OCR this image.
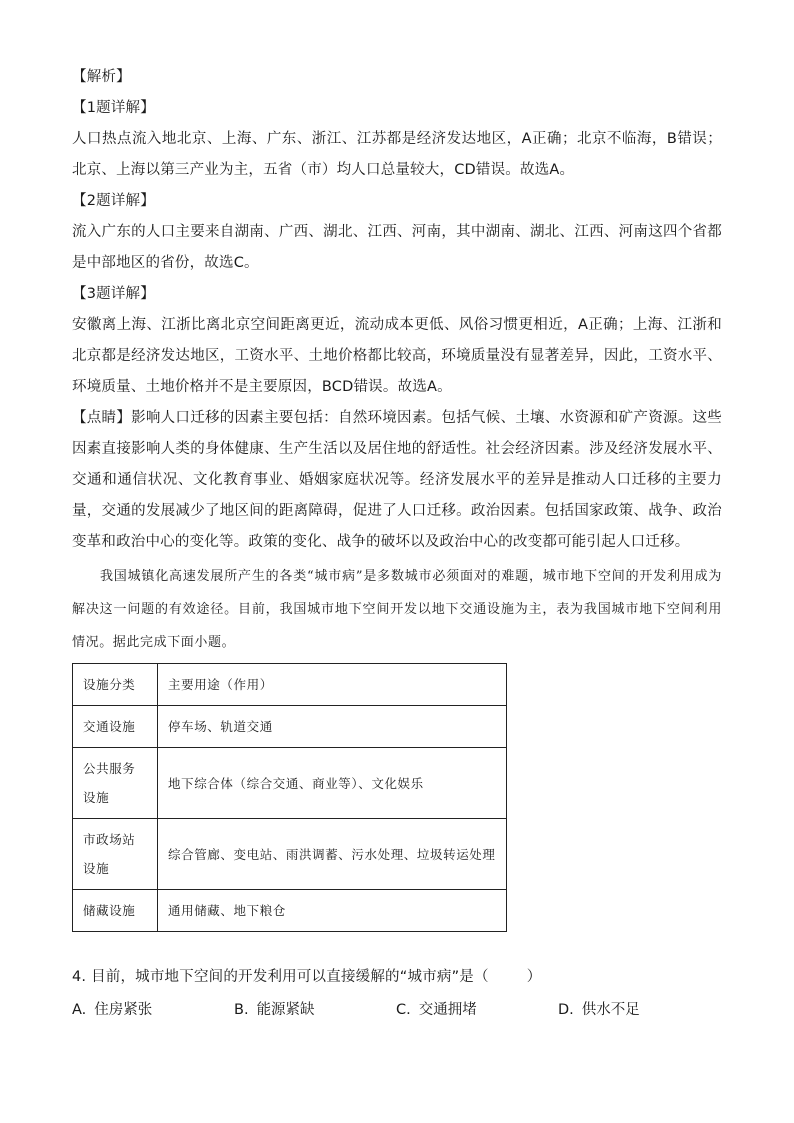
【解析】
【1题详解】
人口热点流入地北京、上海、广东、浙江、江苏都是经济发达地区，A正确；北京不临海，B错误；北京、上海以第三产业为主，五省（市）均人口总量较大，CD错误。故选A。
【2题详解】
流入广东的人口主要来自湖南、广西、湖北、江西、河南，其中湖南、湖北、江西、河南这四个省都是中部地区的省份，故选C。
【3题详解】
安徽离上海、江浙比离北京空间距离更近，流动成本更低、风俗习惯更相近，A正确；上海、江浙和北京都是经济发达地区，工资水平、土地价格都比较高，环境质量没有显著差异，因此，工资水平、环境质量、土地价格并不是主要原因，BCD错误。故选A。
【点睛】影响人口迁移的因素主要包括：自然环境因素。包括气候、土壤、水资源和矿产资源。这些因素直接影响人类的身体健康、生产生活以及居住地的舒适性。社会经济因素。涉及经济发展水平、交通和通信状况、文化教育事业、婚姻家庭状况等。经济发展水平的差异是推动人口迁移的主要力量，交通的发展减少了地区间的距离障碍，促进了人口迁移。政治因素。包括国家政策、战争、政治变革和政治中心的变化等。政策的变化、战争的破坏以及政治中心的改变都可能引起人口迁移。
我国城镇化高速发展所产生的各类“城市病”是多数城市必须面对的难题，城市地下空间的开发利用成为解决这一问题的有效途径。目前，我国城市地下空间开发以地下交通设施为主，表为我国城市地下空间利用情况。据此完成下面小题。
设施分类	主要用途（作用）
交通设施	停车场、轨道交通
公共服务设施	地下综合体（综合交通、商业等）、文化娱乐
市政场站设施	综合管廊、变电站、雨洪调蓄、污水处理、垃圾转运处理
储藏设施	通用储藏、地下粮仓
4. 目前，城市地下空间的开发利用可以直接缓解的“城市病”是（	）
A. 住房紧张	B. 能源紧缺	C. 交通拥堵	D. 供水不足
